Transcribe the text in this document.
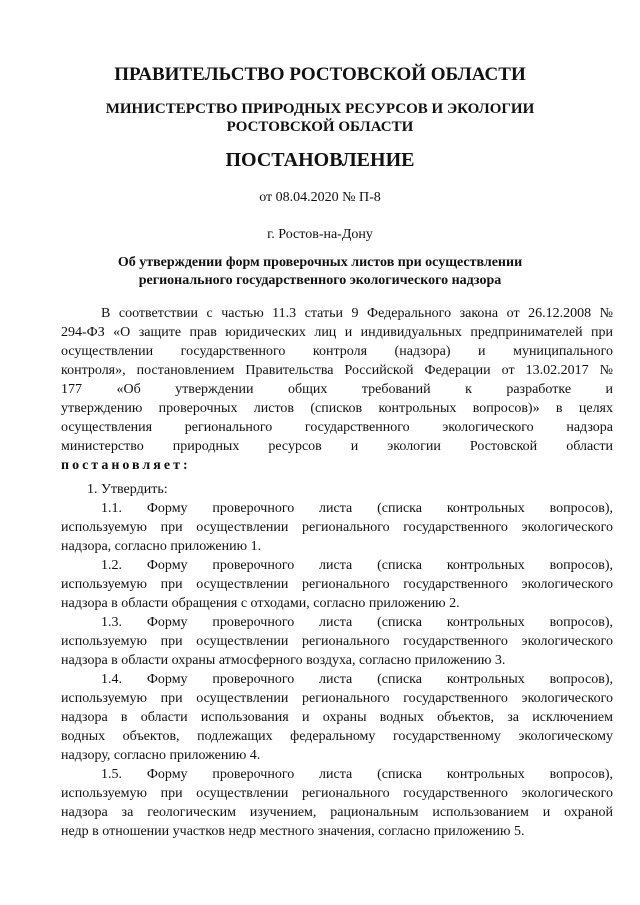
ПРАВИТЕЛЬСТВО РОСТОВСКОЙ ОБЛАСТИ
МИНИСТЕРСТВО ПРИРОДНЫХ РЕСУРСОВ И ЭКОЛОГИИ
РОСТОВСКОЙ ОБЛАСТИ
ПОСТАНОВЛЕНИЕ
от 08.04.2020 № П-8
г. Ростов-на-Дону
Об утверждении форм проверочных листов при осуществлении
регионального государственного экологического надзора
В соответствии с частью 11.3 статьи 9 Федерального закона от 26.12.2008 №
294-ФЗ «О защите прав юридических лиц и индивидуальных предпринимателей при
осуществлении государственного контроля (надзора) и муниципального
контроля», постановлением Правительства Российской Федерации от 13.02.2017 №
177 «Об утверждении общих требований к разработке и
утверждению проверочных листов (списков контрольных вопросов)» в целях
осуществления регионального государственного экологического надзора
министерство природных ресурсов и экологии Ростовской области
постановляет:
1. Утвердить:
1.1. Форму проверочного листа (списка контрольных вопросов),
используемую при осуществлении регионального государственного экологического
надзора, согласно приложению 1.
1.2. Форму проверочного листа (списка контрольных вопросов),
используемую при осуществлении регионального государственного экологического
надзора в области обращения с отходами, согласно приложению 2.
1.3. Форму проверочного листа (списка контрольных вопросов),
используемую при осуществлении регионального государственного экологического
надзора в области охраны атмосферного воздуха, согласно приложению 3.
1.4. Форму проверочного листа (списка контрольных вопросов),
используемую при осуществлении регионального государственного экологического
надзора в области использования и охраны водных объектов, за исключением
водных объектов, подлежащих федеральному государственному экологическому
надзору, согласно приложению 4.
1.5. Форму проверочного листа (списка контрольных вопросов),
используемую при осуществлении регионального государственного экологического
надзора за геологическим изучением, рациональным использованием и охраной
недр в отношении участков недр местного значения, согласно приложению 5.
